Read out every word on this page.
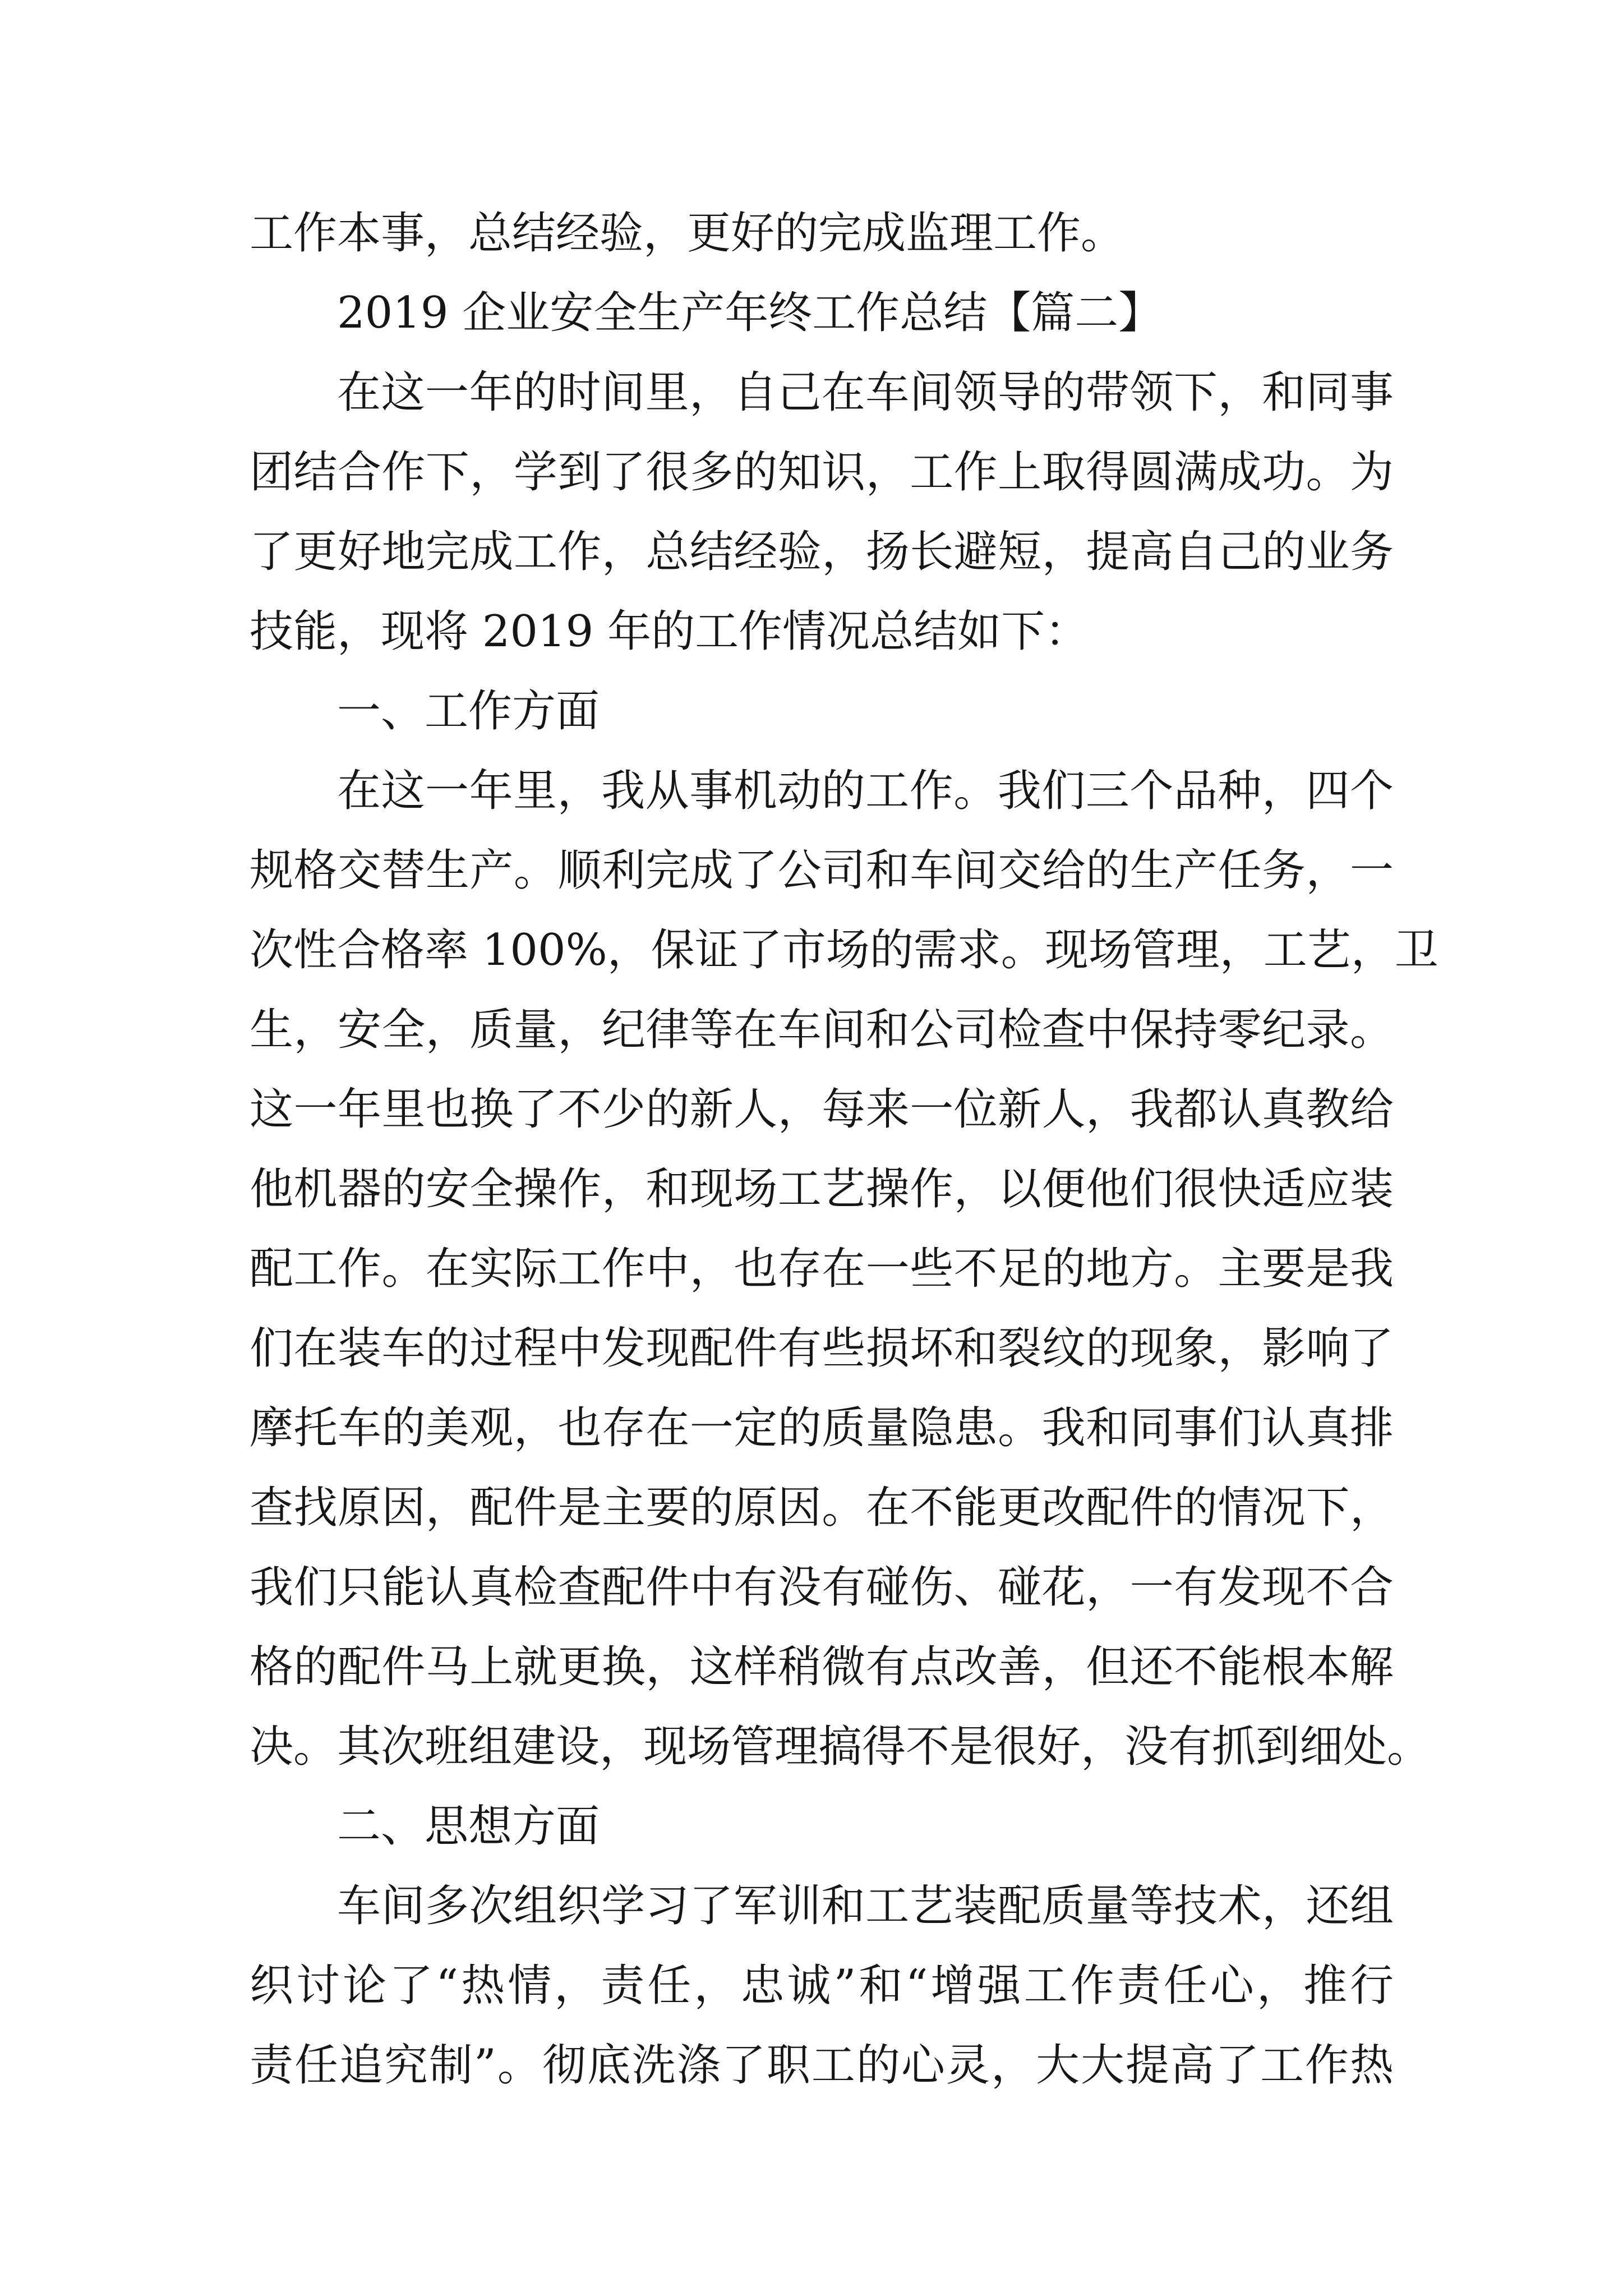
工作本事，总结经验，更好的完成监理工作。
2019 企业安全生产年终工作总结【篇二】
在这一年的时间里，自己在车间领导的带领下，和同事
团结合作下，学到了很多的知识，工作上取得圆满成功。为
了更好地完成工作，总结经验，扬长避短，提高自己的业务
技能，现将 2019 年的工作情况总结如下：
一、工作方面
在这一年里，我从事机动的工作。我们三个品种，四个
规格交替生产。顺利完成了公司和车间交给的生产任务，一
次性合格率 100%，保证了市场的需求。现场管理，工艺，卫
生，安全，质量，纪律等在车间和公司检查中保持零纪录。
这一年里也换了不少的新人，每来一位新人，我都认真教给
他机器的安全操作，和现场工艺操作，以便他们很快适应装
配工作。在实际工作中，也存在一些不足的地方。主要是我
们在装车的过程中发现配件有些损坏和裂纹的现象，影响了
摩托车的美观，也存在一定的质量隐患。我和同事们认真排
查找原因，配件是主要的原因。在不能更改配件的情况下，
我们只能认真检查配件中有没有碰伤、碰花，一有发现不合
格的配件马上就更换，这样稍微有点改善，但还不能根本解
决。其次班组建设，现场管理搞得不是很好，没有抓到细处。
二、思想方面
车间多次组织学习了军训和工艺装配质量等技术，还组
织讨论了“热情，责任，忠诚”和“增强工作责任心，推行
责任追究制”。彻底洗涤了职工的心灵，大大提高了工作热
